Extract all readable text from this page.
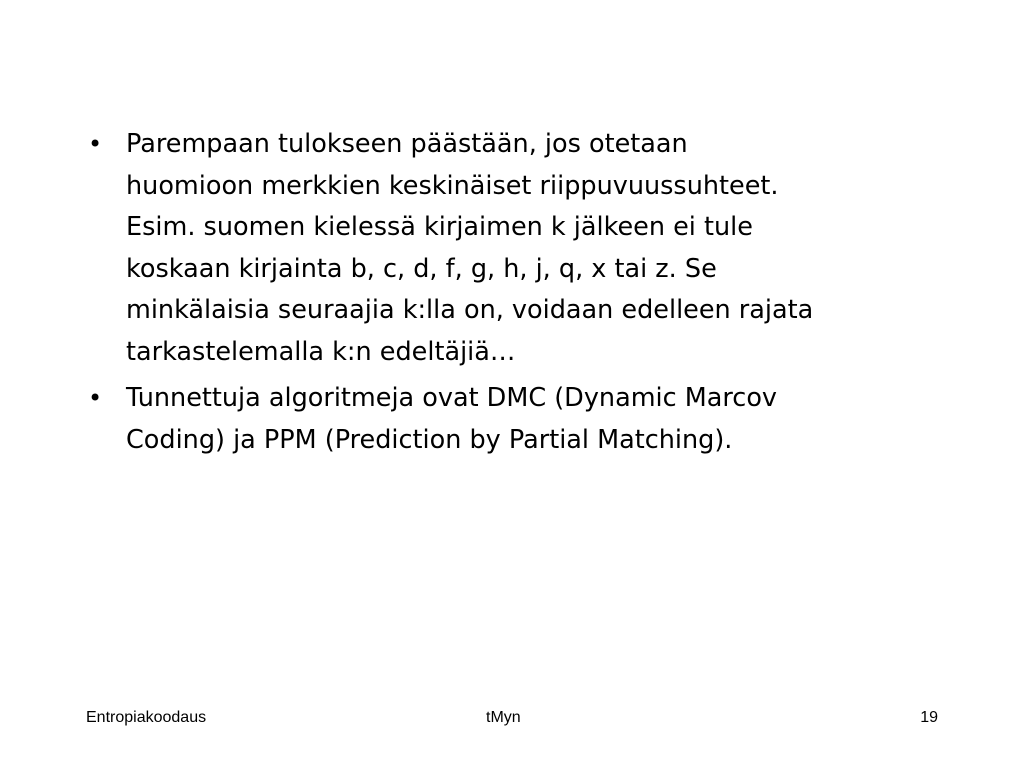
Parempaan tulokseen päästään, jos otetaan
huomioon merkkien keskinäiset riippuvuussuhteet.
Esim. suomen kielessä kirjaimen k jälkeen ei tule
koskaan kirjainta b, c, d, f, g, h, j, q, x tai z. Se
minkälaisia seuraajia k:lla on, voidaan edelleen rajata
tarkastelemalla k:n edeltäjiä…
Tunnettuja algoritmeja ovat DMC (Dynamic Marcov
Coding) ja PPM (Prediction by Partial Matching).
Entropiakoodaus	tMyn	19
